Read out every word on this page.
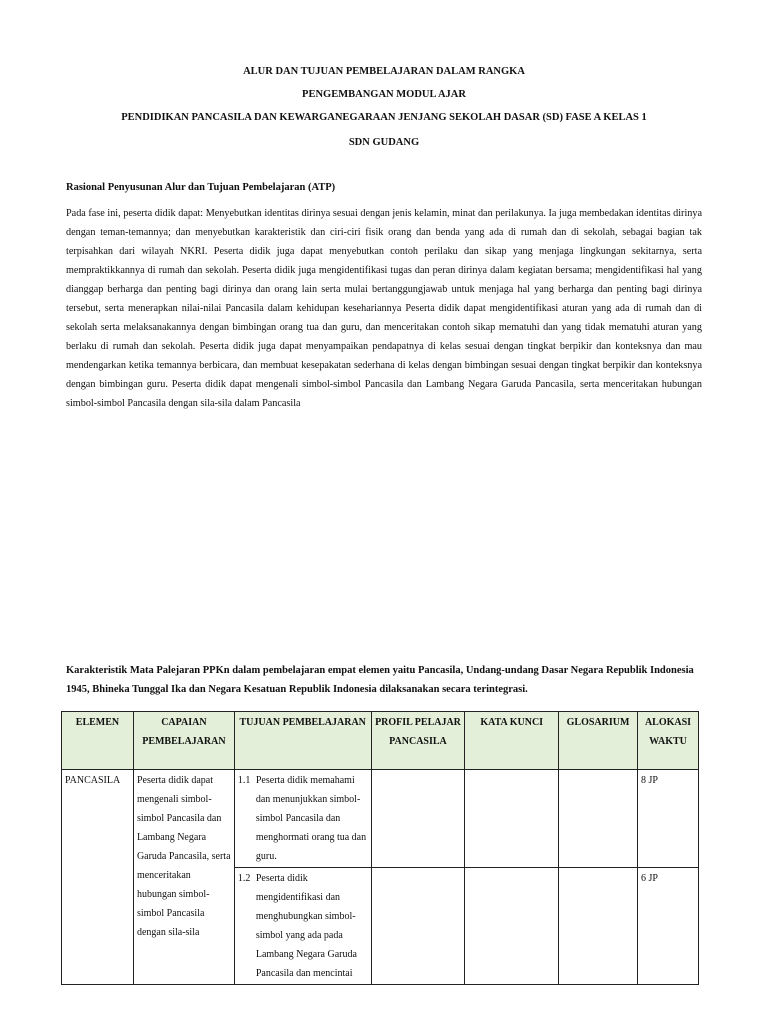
ALUR DAN TUJUAN PEMBELAJARAN DALAM RANGKA
PENGEMBANGAN MODUL AJAR
PENDIDIKAN PANCASILA DAN KEWARGANEGARAAN JENJANG SEKOLAH DASAR (SD) FASE A KELAS 1
SDN GUDANG
Rasional Penyusunan Alur dan Tujuan Pembelajaran (ATP)
Pada fase ini, peserta didik dapat: Menyebutkan identitas dirinya sesuai dengan jenis kelamin, minat dan perilakunya. Ia juga membedakan identitas dirinya dengan teman-temannya; dan menyebutkan karakteristik dan ciri-ciri fisik orang dan benda yang ada di rumah dan di sekolah, sebagai bagian tak terpisahkan dari wilayah NKRI. Peserta didik juga dapat menyebutkan contoh perilaku dan sikap yang menjaga lingkungan sekitarnya, serta mempraktikkannya di rumah dan sekolah. Peserta didik juga mengidentifikasi tugas dan peran dirinya dalam kegiatan bersama; mengidentifikasi hal yang dianggap berharga dan penting bagi dirinya dan orang lain serta mulai bertanggungjawab untuk menjaga hal yang berharga dan penting bagi dirinya tersebut, serta menerapkan nilai-nilai Pancasila dalam kehidupan kesehariannya Peserta didik dapat mengidentifikasi aturan yang ada di rumah dan di sekolah serta melaksanakannya dengan bimbingan orang tua dan guru, dan menceritakan contoh sikap mematuhi dan yang tidak mematuhi aturan yang berlaku di rumah dan sekolah. Peserta didik juga dapat menyampaikan pendapatnya di kelas sesuai dengan tingkat berpikir dan konteksnya dan mau mendengarkan ketika temannya berbicara, dan membuat kesepakatan sederhana di kelas dengan bimbingan sesuai dengan tingkat berpikir dan konteksnya dengan bimbingan guru. Peserta didik dapat mengenali simbol-simbol Pancasila dan Lambang Negara Garuda Pancasila, serta menceritakan hubungan simbol-simbol Pancasila dengan sila-sila dalam Pancasila
Karakteristik Mata Palejaran PPKn dalam pembelajaran empat elemen yaitu Pancasila, Undang-undang Dasar Negara Republik Indonesia 1945, Bhineka Tunggal Ika dan Negara Kesatuan Republik Indonesia dilaksanakan secara terintegrasi.
ELEMEN	CAPAIAN PEMBELAJARAN	TUJUAN PEMBELAJARAN	PROFIL PELAJAR PANCASILA	KATA KUNCI	GLOSARIUM	ALOKASI WAKTU
PANCASILA	Peserta didik dapat mengenali simbol-simbol Pancasila dan Lambang Negara Garuda Pancasila, serta menceritakan hubungan simbol-simbol Pancasila dengan sila-sila	1.1 Peserta didik memahami dan menunjukkan simbol-simbol Pancasila dan menghormati orang tua dan guru.				8 JP

		1.2 Peserta didik mengidentifikasi dan menghubungkan simbol-simbol yang ada pada Lambang Negara Garuda Pancasila dan mencintai				6 JP
